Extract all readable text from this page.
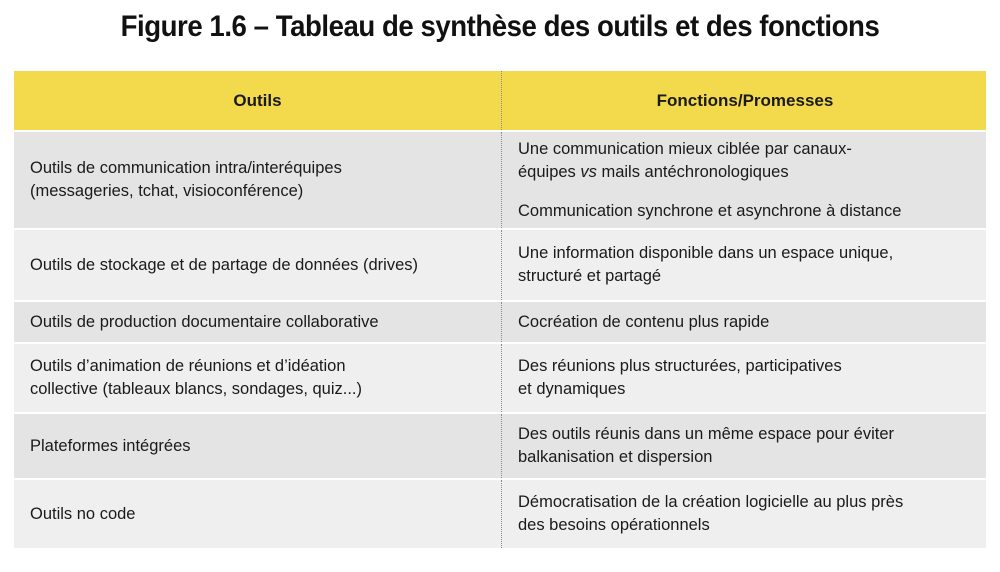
Figure 1.6 – Tableau de synthèse des outils et des fonctions
Outils	Fonctions/Promesses
Outils de communication intra/interéquipes
(messageries, tchat, visioconférence)
Une communication mieux ciblée par canaux-
équipes vs mails antéchronologiques
Communication synchrone et asynchrone à distance
Outils de stockage et de partage de données (drives)
Une information disponible dans un espace unique,
structuré et partagé
Outils de production documentaire collaborative	Cocréation de contenu plus rapide
Outils d’animation de réunions et d’idéation
collective (tableaux blancs, sondages, quiz...)
Des réunions plus structurées, participatives
et dynamiques
Plateformes intégrées
Des outils réunis dans un même espace pour éviter
balkanisation et dispersion
Outils no code
Démocratisation de la création logicielle au plus près
des besoins opérationnels
